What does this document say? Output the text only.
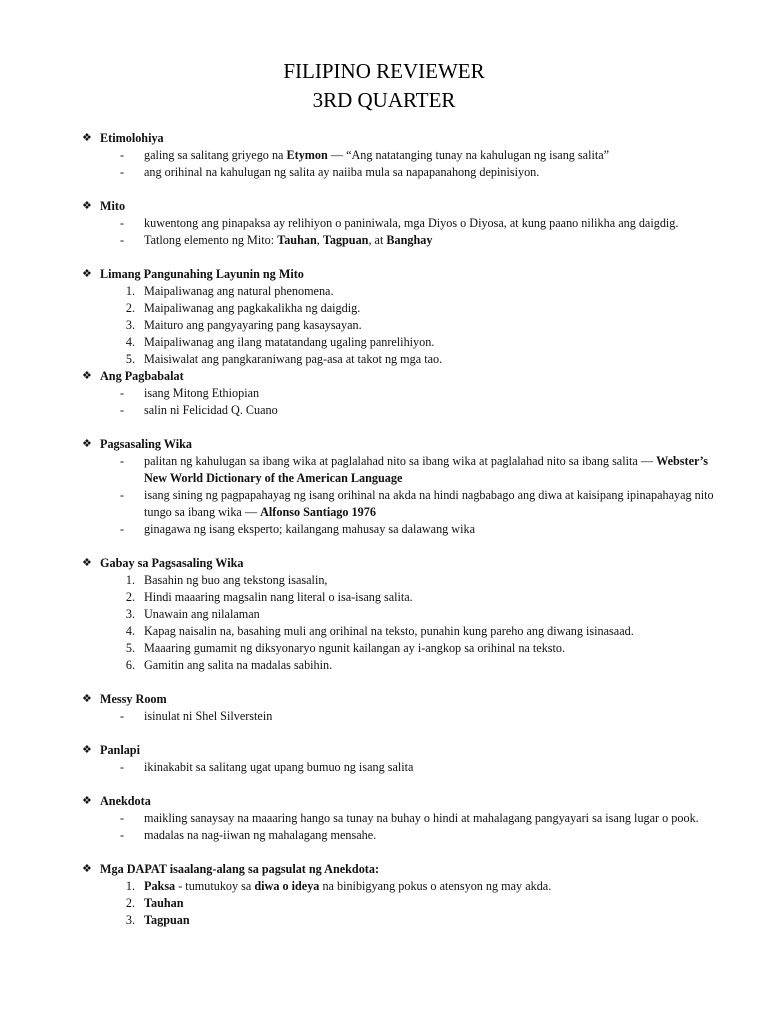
FILIPINO REVIEWER
3RD QUARTER
❖ Etimolohiya
- galing sa salitang griyego na Etymon — “Ang natatanging tunay na kahulugan ng isang salita”
- ang orihinal na kahulugan ng salita ay naiiba mula sa napapanahong depinisiyon.
❖ Mito
- kuwentong ang pinapaksa ay relihiyon o paniniwala, mga Diyos o Diyosa, at kung paano nilikha ang daigdig.
- Tatlong elemento ng Mito: Tauhan, Tagpuan, at Banghay
❖ Limang Pangunahing Layunin ng Mito
1. Maipaliwanag ang natural phenomena.
2. Maipaliwanag ang pagkakalikha ng daigdig.
3. Maituro ang pangyayaring pang kasaysayan.
4. Maipaliwanag ang ilang matatandang ugaling panrelihiyon.
5. Maisiwalat ang pangkaraniwang pag-asa at takot ng mga tao.
❖ Ang Pagbabalat
- isang Mitong Ethiopian
- salin ni Felicidad Q. Cuano
❖ Pagsasaling Wika
- palitan ng kahulugan sa ibang wika at paglalahad nito sa ibang wika at paglalahad nito sa ibang salita — Webster’s New World Dictionary of the American Language
- isang sining ng pagpapahayag ng isang orihinal na akda na hindi nagbabago ang diwa at kaisipang ipinapahayag nito tungo sa ibang wika — Alfonso Santiago 1976
- ginagawa ng isang eksperto; kailangang mahusay sa dalawang wika
❖ Gabay sa Pagsasaling Wika
1. Basahin ng buo ang tekstong isasalin,
2. Hindi maaaring magsalin nang literal o isa-isang salita.
3. Unawain ang nilalaman
4. Kapag naisalin na, basahing muli ang orihinal na teksto, punahin kung pareho ang diwang isinasaad.
5. Maaaring gumamit ng diksyonaryo ngunit kailangan ay i-angkop sa orihinal na teksto.
6. Gamitin ang salita na madalas sabihin.
❖ Messy Room
- isinulat ni Shel Silverstein
❖ Panlapi
- ikinakabit sa salitang ugat upang bumuo ng isang salita
❖ Anekdota
- maikling sanaysay na maaaring hango sa tunay na buhay o hindi at mahalagang pangyayari sa isang lugar o pook.
- madalas na nag-iiwan ng mahalagang mensahe.
❖ Mga DAPAT isaalang-alang sa pagsulat ng Anekdota:
1. Paksa - tumutukoy sa diwa o ideya na binibigyang pokus o atensyon ng may akda.
2. Tauhan
3. Tagpuan
